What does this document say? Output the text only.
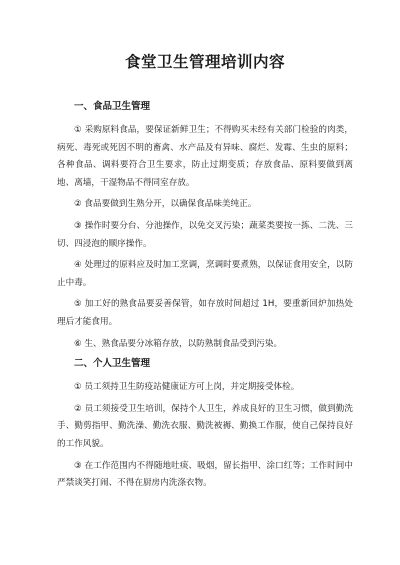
食堂卫生管理培训内容
一、食品卫生管理

① 采购原料食品，要保证新鲜卫生；不得购买未经有关部门检验的肉类，病死、毒死或死因不明的畜禽、水产品及有异味、腐烂、发霉、生虫的原料；各种食品、调料要符合卫生要求，防止过期变质；存放食品、原料要做到离地、离墙，干湿物品不得同室存放。

② 食品要做到生熟分开，以确保食品味美纯正。

③ 操作时要分台、分池操作，以免交叉污染；蔬菜类要按一拣、二洗、三切、四浸泡的顺序操作。

④ 处理过的原料应及时加工烹调，烹调时要煮熟，以保证食用安全，以防止中毒。

⑤ 加工好的熟食品要妥善保管，如存放时间超过 1H，要重新回炉加热处理后才能食用。

⑥ 生、熟食品要分冰箱存放，以防熟制食品受到污染。

二、个人卫生管理

① 员工须持卫生防疫站健康证方可上岗，并定期接受体检。

② 员工须接受卫生培训，保持个人卫生，养成良好的卫生习惯，做到勤洗手、勤剪指甲、勤洗澡、勤洗衣服、勤洗被褥、勤换工作服，使自己保持良好的工作风貌。

③ 在工作范围内不得随地吐痰、吸烟，留长指甲、涂口红等；工作时间中严禁谈笑打闹、不得在厨房内洗涤衣物。
